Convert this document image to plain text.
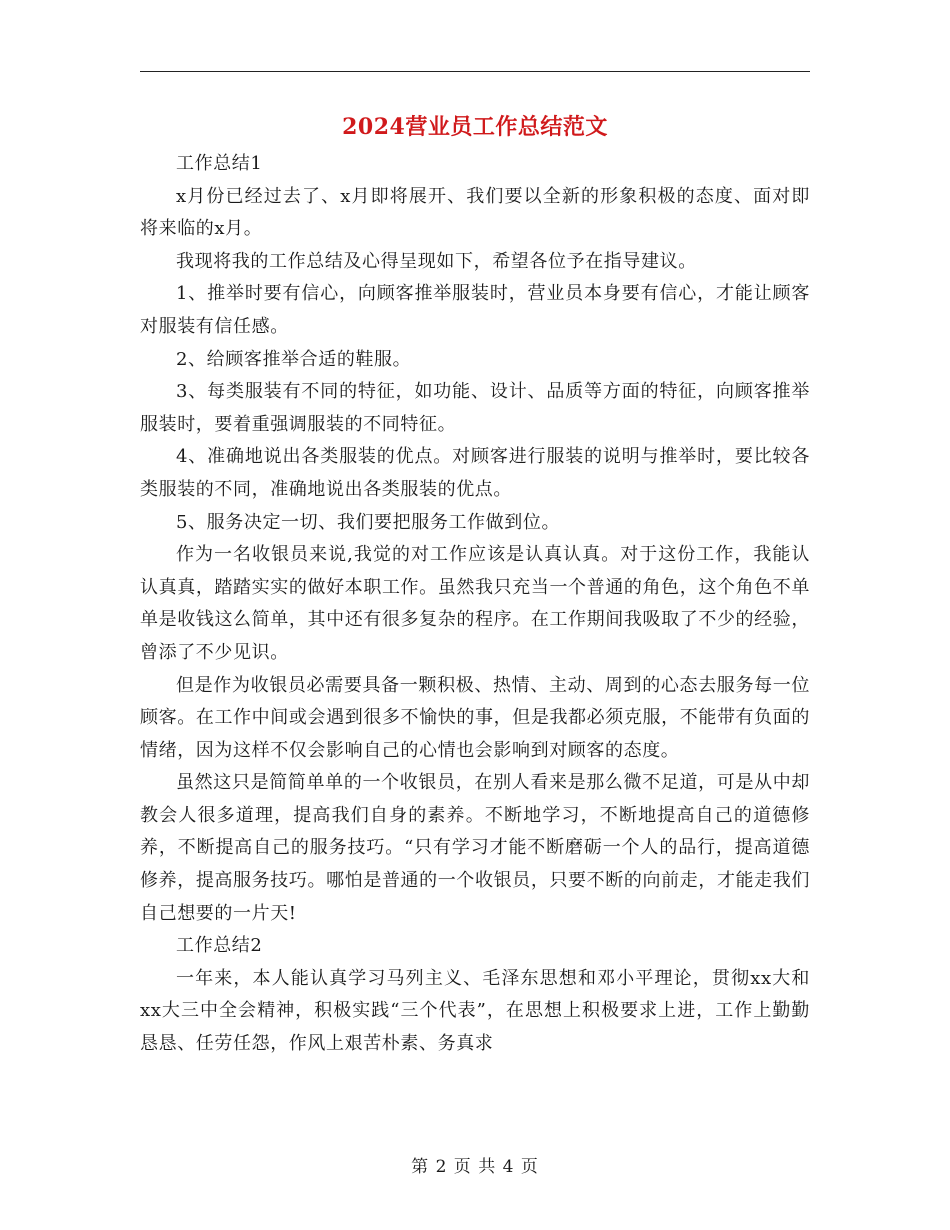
2024营业员工作总结范文

工作总结1

x月份已经过去了、x月即将展开、我们要以全新的形象积极的态度、面对即将来临的x月。

我现将我的工作总结及心得呈现如下，希望各位予在指导建议。

1、推举时要有信心，向顾客推举服装时，营业员本身要有信心，才能让顾客对服装有信任感。

2、给顾客推举合适的鞋服。

3、每类服装有不同的特征，如功能、设计、品质等方面的特征，向顾客推举服装时，要着重强调服装的不同特征。

4、准确地说出各类服装的优点。对顾客进行服装的说明与推举时，要比较各类服装的不同，准确地说出各类服装的优点。

5、服务决定一切、我们要把服务工作做到位。

作为一名收银员来说,我觉的对工作应该是认真认真。对于这份工作，我能认认真真，踏踏实实的做好本职工作。虽然我只充当一个普通的角色，这个角色不单单是收钱这么简单，其中还有很多复杂的程序。在工作期间我吸取了不少的经验，曾添了不少见识。

但是作为收银员必需要具备一颗积极、热情、主动、周到的心态去服务每一位顾客。在工作中间或会遇到很多不愉快的事，但是我都必须克服，不能带有负面的情绪，因为这样不仅会影响自己的心情也会影响到对顾客的态度。

虽然这只是简简单单的一个收银员，在别人看来是那么微不足道，可是从中却教会人很多道理，提高我们自身的素养。不断地学习，不断地提高自己的道德修养，不断提高自己的服务技巧。“只有学习才能不断磨砺一个人的品行，提高道德修养，提高服务技巧。哪怕是普通的一个收银员，只要不断的向前走，才能走我们自己想要的一片天!

工作总结2

一年来，本人能认真学习马列主义、毛泽东思想和邓小平理论，贯彻xx大和xx大三中全会精神，积极实践“三个代表”，在思想上积极要求上进，工作上勤勤恳恳、任劳任怨，作风上艰苦朴素、务真求

第 2 页 共 4 页
